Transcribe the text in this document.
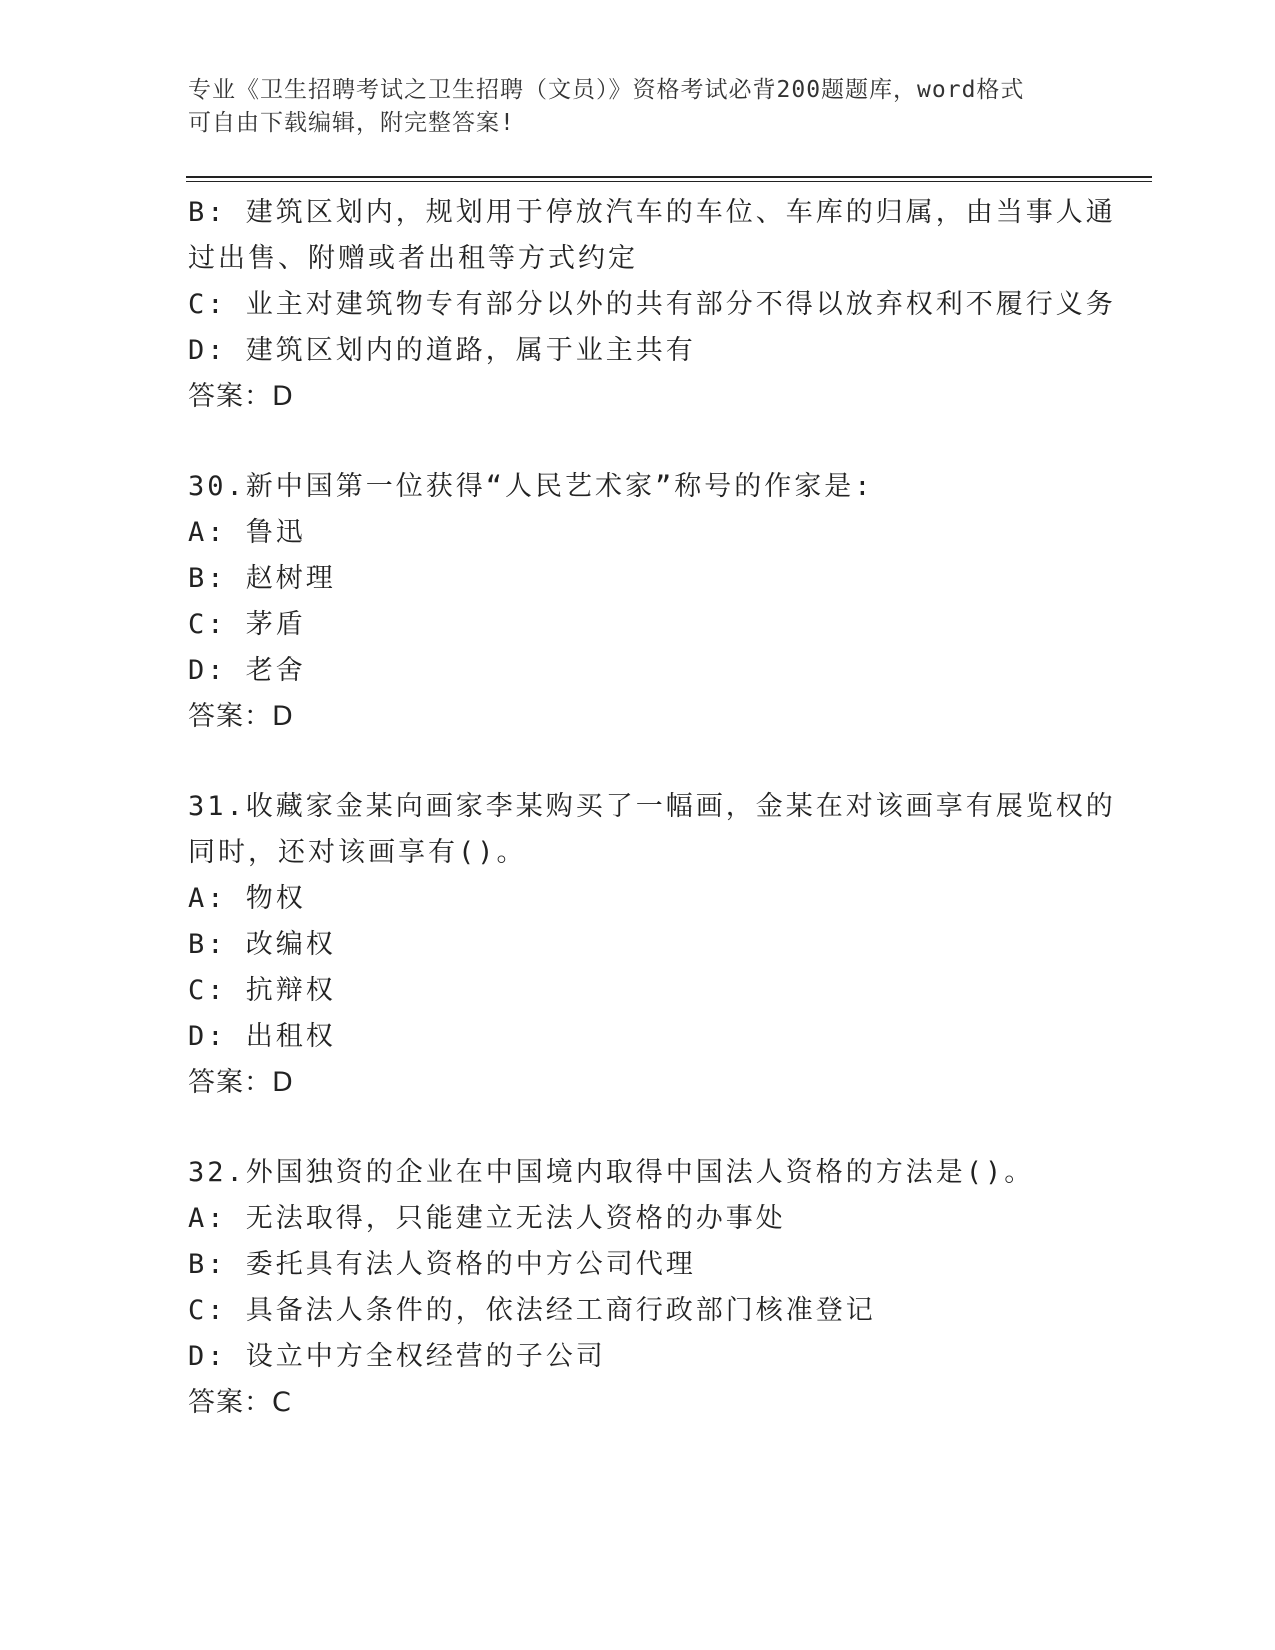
专业《卫生招聘考试之卫生招聘（文员）》资格考试必背200题题库，word格式
可自由下载编辑，附完整答案!
B: 建筑区划内，规划用于停放汽车的车位、车库的归属，由当事人通
过出售、附赠或者出租等方式约定
C: 业主对建筑物专有部分以外的共有部分不得以放弃权利不履行义务
D: 建筑区划内的道路，属于业主共有
答案：D
30.新中国第一位获得“人民艺术家”称号的作家是:
A: 鲁迅
B: 赵树理
C: 茅盾
D: 老舍
答案：D
31.收藏家金某向画家李某购买了一幅画，金某在对该画享有展览权的
同时，还对该画享有()。
A: 物权
B: 改编权
C: 抗辩权
D: 出租权
答案：D
32.外国独资的企业在中国境内取得中国法人资格的方法是()。
A: 无法取得，只能建立无法人资格的办事处
B: 委托具有法人资格的中方公司代理
C: 具备法人条件的，依法经工商行政部门核准登记
D: 设立中方全权经营的子公司
答案：C
